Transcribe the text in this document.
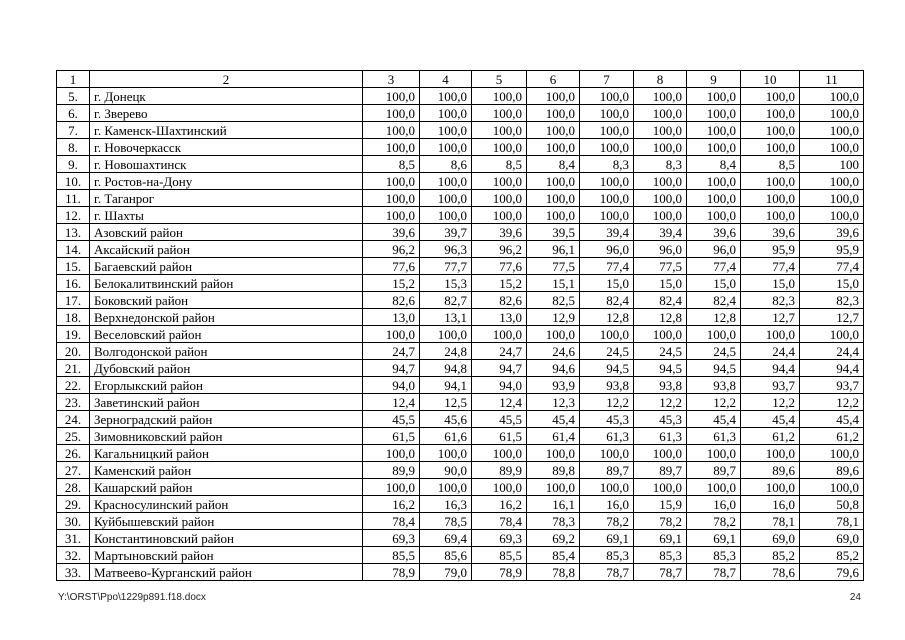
1	2	3	4	5	6	7	8	9	10	11
5.	г. Донецк	100,0	100,0	100,0	100,0	100,0	100,0	100,0	100,0	100,0
6.	г. Зверево	100,0	100,0	100,0	100,0	100,0	100,0	100,0	100,0	100,0
7.	г. Каменск-Шахтинский	100,0	100,0	100,0	100,0	100,0	100,0	100,0	100,0	100,0
8.	г. Новочеркасск	100,0	100,0	100,0	100,0	100,0	100,0	100,0	100,0	100,0
9.	г. Новошахтинск	8,5	8,6	8,5	8,4	8,3	8,3	8,4	8,5	100
10.	г. Ростов-на-Дону	100,0	100,0	100,0	100,0	100,0	100,0	100,0	100,0	100,0
11.	г. Таганрог	100,0	100,0	100,0	100,0	100,0	100,0	100,0	100,0	100,0
12.	г. Шахты	100,0	100,0	100,0	100,0	100,0	100,0	100,0	100,0	100,0
13.	Азовский район	39,6	39,7	39,6	39,5	39,4	39,4	39,6	39,6	39,6
14.	Аксайский район	96,2	96,3	96,2	96,1	96,0	96,0	96,0	95,9	95,9
15.	Багаевский район	77,6	77,7	77,6	77,5	77,4	77,5	77,4	77,4	77,4
16.	Белокалитвинский район	15,2	15,3	15,2	15,1	15,0	15,0	15,0	15,0	15,0
17.	Боковский район	82,6	82,7	82,6	82,5	82,4	82,4	82,4	82,3	82,3
18.	Верхнедонской район	13,0	13,1	13,0	12,9	12,8	12,8	12,8	12,7	12,7
19.	Веселовский район	100,0	100,0	100,0	100,0	100,0	100,0	100,0	100,0	100,0
20.	Волгодонской район	24,7	24,8	24,7	24,6	24,5	24,5	24,5	24,4	24,4
21.	Дубовский район	94,7	94,8	94,7	94,6	94,5	94,5	94,5	94,4	94,4
22.	Егорлыкский район	94,0	94,1	94,0	93,9	93,8	93,8	93,8	93,7	93,7
23.	Заветинский район	12,4	12,5	12,4	12,3	12,2	12,2	12,2	12,2	12,2
24.	Зерноградский район	45,5	45,6	45,5	45,4	45,3	45,3	45,4	45,4	45,4
25.	Зимовниковский район	61,5	61,6	61,5	61,4	61,3	61,3	61,3	61,2	61,2
26.	Кагальницкий район	100,0	100,0	100,0	100,0	100,0	100,0	100,0	100,0	100,0
27.	Каменский район	89,9	90,0	89,9	89,8	89,7	89,7	89,7	89,6	89,6
28.	Кашарский район	100,0	100,0	100,0	100,0	100,0	100,0	100,0	100,0	100,0
29.	Красносулинский район	16,2	16,3	16,2	16,1	16,0	15,9	16,0	16,0	50,8
30.	Куйбышевский район	78,4	78,5	78,4	78,3	78,2	78,2	78,2	78,1	78,1
31.	Константиновский район	69,3	69,4	69,3	69,2	69,1	69,1	69,1	69,0	69,0
32.	Мартыновский район	85,5	85,6	85,5	85,4	85,3	85,3	85,3	85,2	85,2
33.	Матвеево-Курганский район	78,9	79,0	78,9	78,8	78,7	78,7	78,7	78,6	79,6
Y:\ORST\Ppo\1229p891.f18.docx	24
